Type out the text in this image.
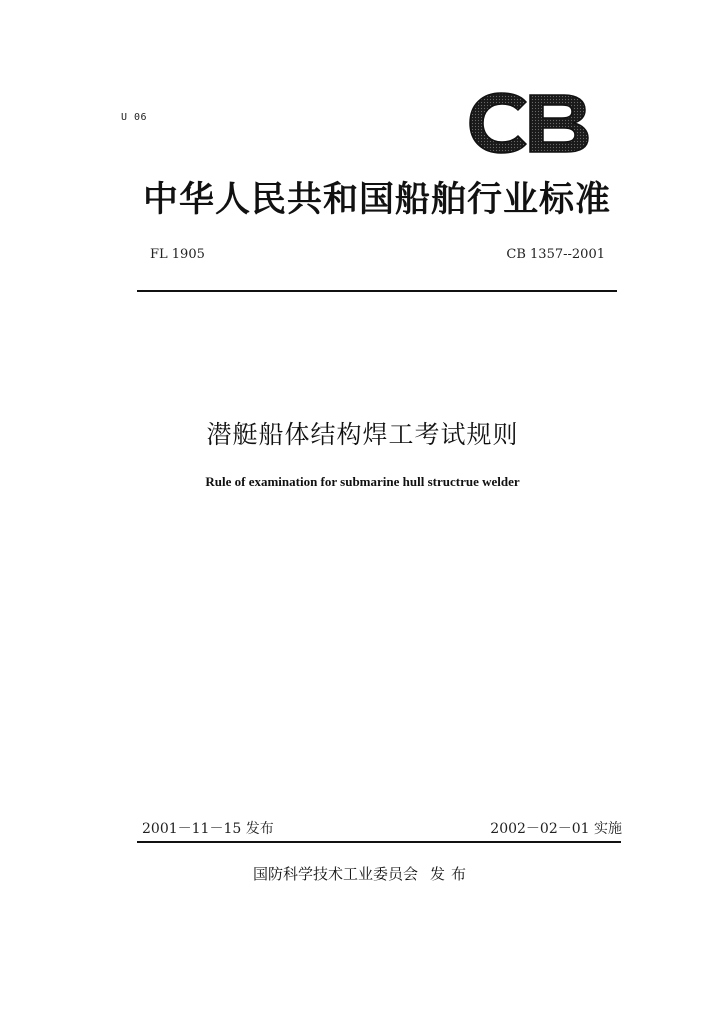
U 06
中华人民共和国船舶行业标准
FL 1905	CB 1357--2001
潜艇船体结构焊工考试规则
Rule of examination for submarine hull structrue welder
2001－11－15 发布	2002－02－01 实施
国防科学技术工业委员会 发布
